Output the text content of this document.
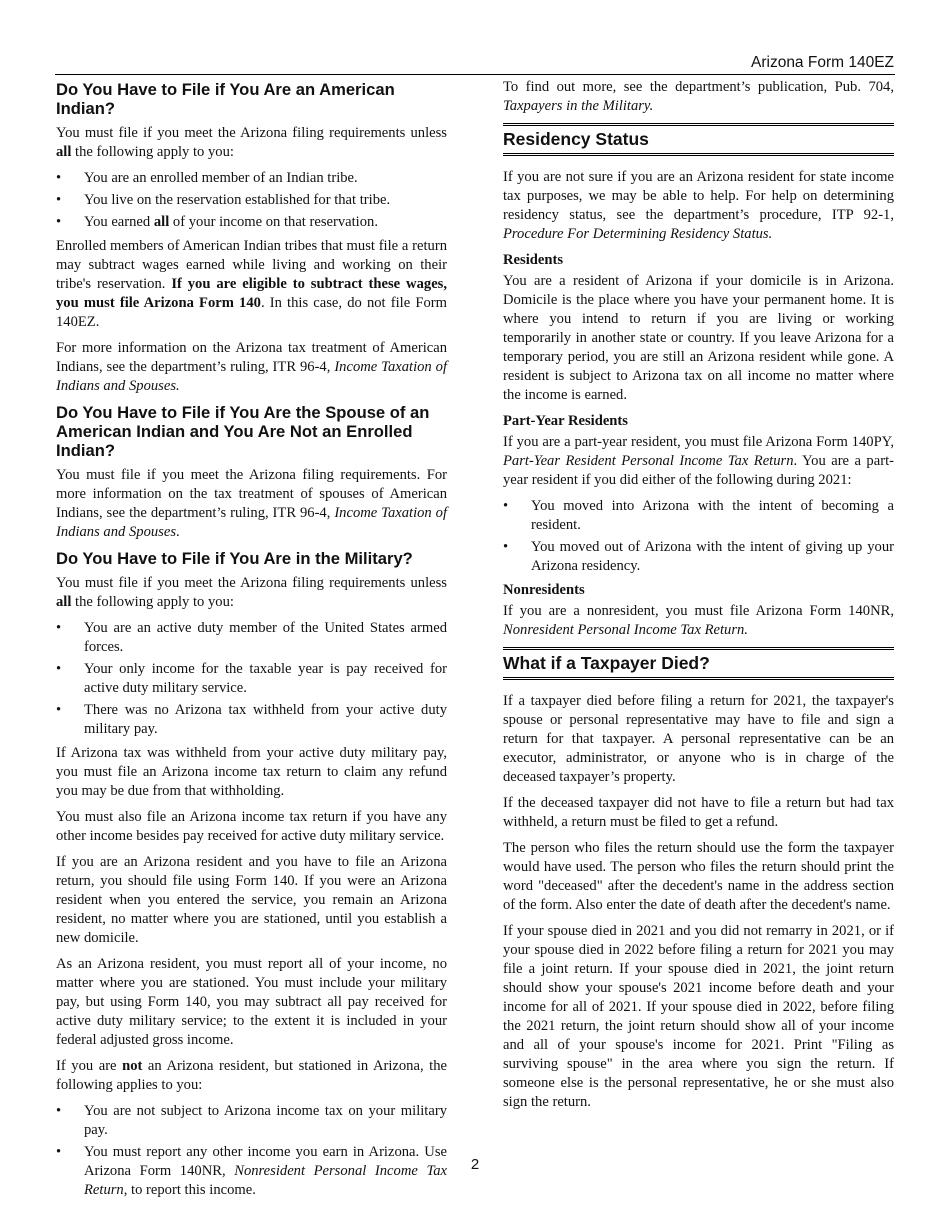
Arizona Form 140EZ
Do You Have to File if You Are an American Indian?

You must file if you meet the Arizona filing requirements unless all the following apply to you:

• You are an enrolled member of an Indian tribe.
• You live on the reservation established for that tribe.
• You earned all of your income on that reservation.

Enrolled members of American Indian tribes that must file a return may subtract wages earned while living and working on their tribe's reservation. If you are eligible to subtract these wages, you must file Arizona Form 140. In this case, do not file Form 140EZ.

For more information on the Arizona tax treatment of American Indians, see the department’s ruling, ITR 96-4, Income Taxation of Indians and Spouses.

Do You Have to File if You Are the Spouse of an American Indian and You Are Not an Enrolled Indian?

You must file if you meet the Arizona filing requirements. For more information on the tax treatment of spouses of American Indians, see the department’s ruling, ITR 96-4, Income Taxation of Indians and Spouses.

Do You Have to File if You Are in the Military?

You must file if you meet the Arizona filing requirements unless all the following apply to you:

• You are an active duty member of the United States armed forces.
• Your only income for the taxable year is pay received for active duty military service.
• There was no Arizona tax withheld from your active duty military pay.

If Arizona tax was withheld from your active duty military pay, you must file an Arizona income tax return to claim any refund you may be due from that withholding.

You must also file an Arizona income tax return if you have any other income besides pay received for active duty military service.

If you are an Arizona resident and you have to file an Arizona return, you should file using Form 140. If you were an Arizona resident when you entered the service, you remain an Arizona resident, no matter where you are stationed, until you establish a new domicile.

As an Arizona resident, you must report all of your income, no matter where you are stationed. You must include your military pay, but using Form 140, you may subtract all pay received for active duty military service; to the extent it is included in your federal adjusted gross income.

If you are not an Arizona resident, but stationed in Arizona, the following applies to you:

• You are not subject to Arizona income tax on your military pay.
• You must report any other income you earn in Arizona. Use Arizona Form 140NR, Nonresident Personal Income Tax Return, to report this income.

To find out more, see the department’s publication, Pub. 704, Taxpayers in the Military.

Residency Status

If you are not sure if you are an Arizona resident for state income tax purposes, we may be able to help. For help on determining residency status, see the department’s procedure, ITP 92-1, Procedure For Determining Residency Status.

Residents

You are a resident of Arizona if your domicile is in Arizona. Domicile is the place where you have your permanent home. It is where you intend to return if you are living or working temporarily in another state or country. If you leave Arizona for a temporary period, you are still an Arizona resident while gone. A resident is subject to Arizona tax on all income no matter where the income is earned.

Part-Year Residents

If you are a part-year resident, you must file Arizona Form 140PY, Part-Year Resident Personal Income Tax Return. You are a part-year resident if you did either of the following during 2021:

• You moved into Arizona with the intent of becoming a resident.
• You moved out of Arizona with the intent of giving up your Arizona residency.
Nonresidents

If you are a nonresident, you must file Arizona Form 140NR, Nonresident Personal Income Tax Return.

What if a Taxpayer Died?

If a taxpayer died before filing a return for 2021, the taxpayer's spouse or personal representative may have to file and sign a return for that taxpayer. A personal representative can be an executor, administrator, or anyone who is in charge of the deceased taxpayer’s property.

If the deceased taxpayer did not have to file a return but had tax withheld, a return must be filed to get a refund.

The person who files the return should use the form the taxpayer would have used. The person who files the return should print the word "deceased" after the decedent's name in the address section of the form. Also enter the date of death after the decedent's name.

If your spouse died in 2021 and you did not remarry in 2021, or if your spouse died in 2022 before filing a return for 2021 you may file a joint return. If your spouse died in 2021, the joint return should show your spouse's 2021 income before death and your income for all of 2021. If your spouse died in 2022, before filing the 2021 return, the joint return should show all of your income and all of your spouse's income for 2021. Print "Filing as surviving spouse" in the area where you sign the return. If someone else is the personal representative, he or she must also sign the return.

2
